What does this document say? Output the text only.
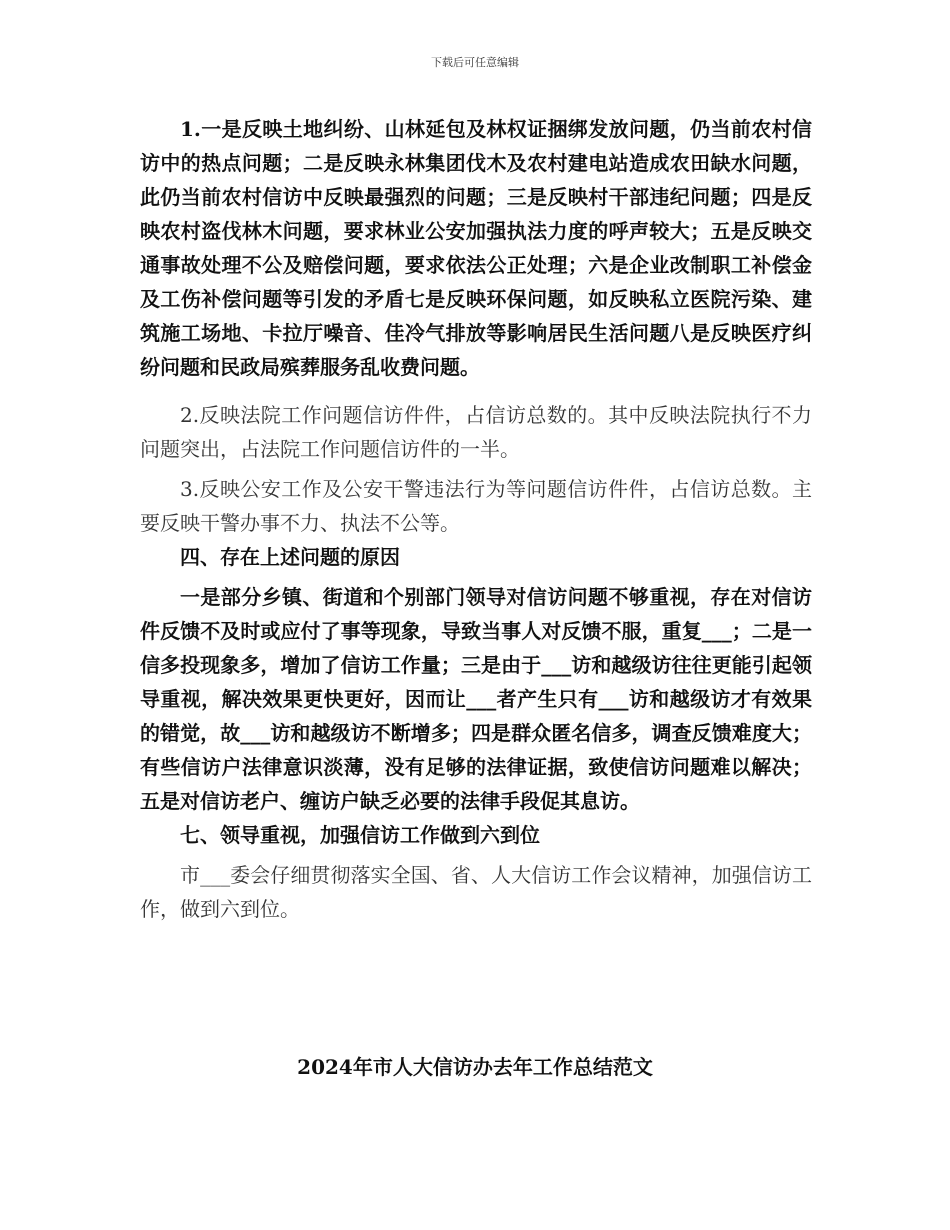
下载后可任意编辑

1.一是反映土地纠纷、山林延包及林权证捆绑发放问题，仍当前农村信访中的热点问题；二是反映永林集团伐木及农村建电站造成农田缺水问题，此仍当前农村信访中反映最强烈的问题；三是反映村干部违纪问题；四是反映农村盗伐林木问题，要求林业公安加强执法力度的呼声较大；五是反映交通事故处理不公及赔偿问题，要求依法公正处理；六是企业改制职工补偿金及工伤补偿问题等引发的矛盾七是反映环保问题，如反映私立医院污染、建筑施工场地、卡拉厅噪音、佳冷气排放等影响居民生活问题八是反映医疗纠纷问题和民政局殡葬服务乱收费问题。

2.反映法院工作问题信访件件，占信访总数的。其中反映法院执行不力问题突出，占法院工作问题信访件的一半。

3.反映公安工作及公安干警违法行为等问题信访件件，占信访总数。主要反映干警办事不力、执法不公等。

四、存在上述问题的原因

一是部分乡镇、街道和个别部门领导对信访问题不够重视，存在对信访件反馈不及时或应付了事等现象，导致当事人对反馈不服，重复___；二是一信多投现象多，增加了信访工作量；三是由于___访和越级访往往更能引起领导重视，解决效果更快更好，因而让___者产生只有___访和越级访才有效果的错觉，故___访和越级访不断增多；四是群众匿名信多，调查反馈难度大；有些信访户法律意识淡薄，没有足够的法律证据，致使信访问题难以解决；五是对信访老户、缠访户缺乏必要的法律手段促其息访。

七、领导重视，加强信访工作做到六到位

市___委会仔细贯彻落实全国、省、人大信访工作会议精神，加强信访工作，做到六到位。

2024年市人大信访办去年工作总结范文
